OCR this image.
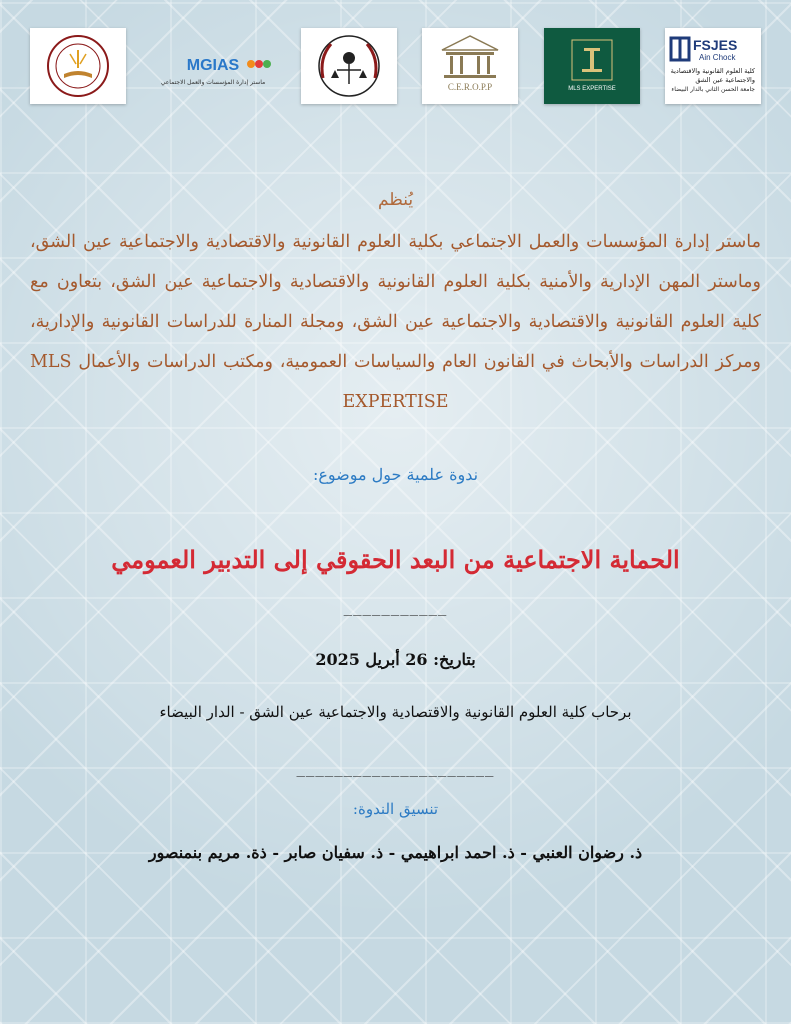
FSJES
Ain Chock
كلية العلوم القانونية والاقتصادية
والاجتماعية عين الشق
جامعة الحسن الثاني بالدار البيضاء
MLS EXPERTISE
C.E.R.O.P.P
MGIAS
ماستر إدارة المؤسسات والعمل الاجتماعي
يُنظم
ماستر إدارة المؤسسات والعمل الاجتماعي بكلية العلوم القانونية والاقتصادية والاجتماعية عين الشق، وماستر المهن الإدارية والأمنية بكلية العلوم القانونية والاقتصادية والاجتماعية عين الشق، بتعاون مع كلية العلوم القانونية والاقتصادية والاجتماعية عين الشق، ومجلة المنارة للدراسات القانونية والإدارية، ومركز الدراسات والأبحاث في القانون العام والسياسات العمومية، ومكتب الدراسات والأعمال MLS EXPERTISE
ندوة علمية حول موضوع:
الحماية الاجتماعية من البعد الحقوقي إلى التدبير العمومي
___________
بتاريخ: 26 أبريل 2025
برحاب كلية العلوم القانونية والاقتصادية والاجتماعية عين الشق - الدار البيضاء
_____________________
تنسيق الندوة:
ذ. رضوان العنبي - ذ. احمد ابراهيمي - ذ. سفيان صابر - ذة. مريم بنمنصور
